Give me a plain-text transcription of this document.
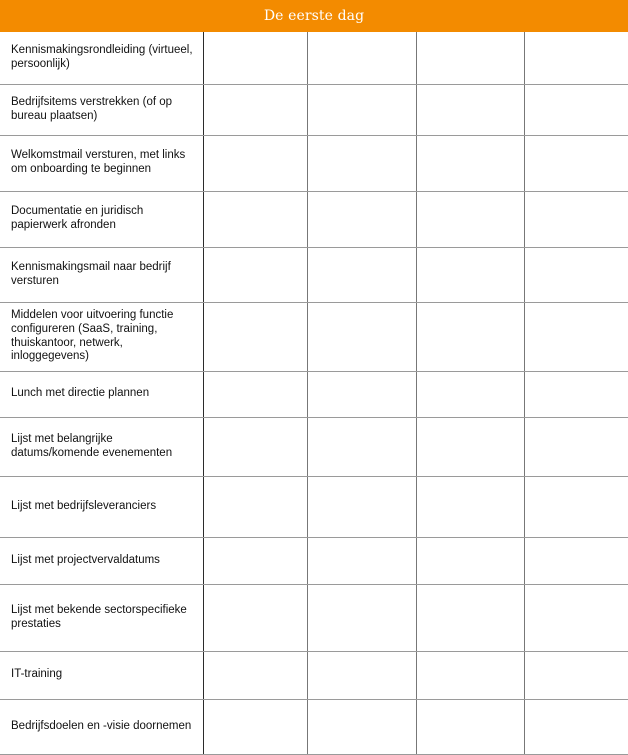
De eerste dag
Kennismakingsrondleiding (virtueel, persoonlijk)				
Bedrijfsitems verstrekken (of op bureau plaatsen)				
Welkomstmail versturen, met links om onboarding te beginnen				
Documentatie en juridisch papierwerk afronden				
Kennismakingsmail naar bedrijf versturen				
Middelen voor uitvoering functie configureren (SaaS, training, thuiskantoor, netwerk, inloggegevens)				
Lunch met directie plannen				
Lijst met belangrijke datums/komende evenementen				
Lijst met bedrijfsleveranciers				
Lijst met projectvervaldatums				
Lijst met bekende sectorspecifieke prestaties				
IT-training				
Bedrijfsdoelen en -visie doornemen				
